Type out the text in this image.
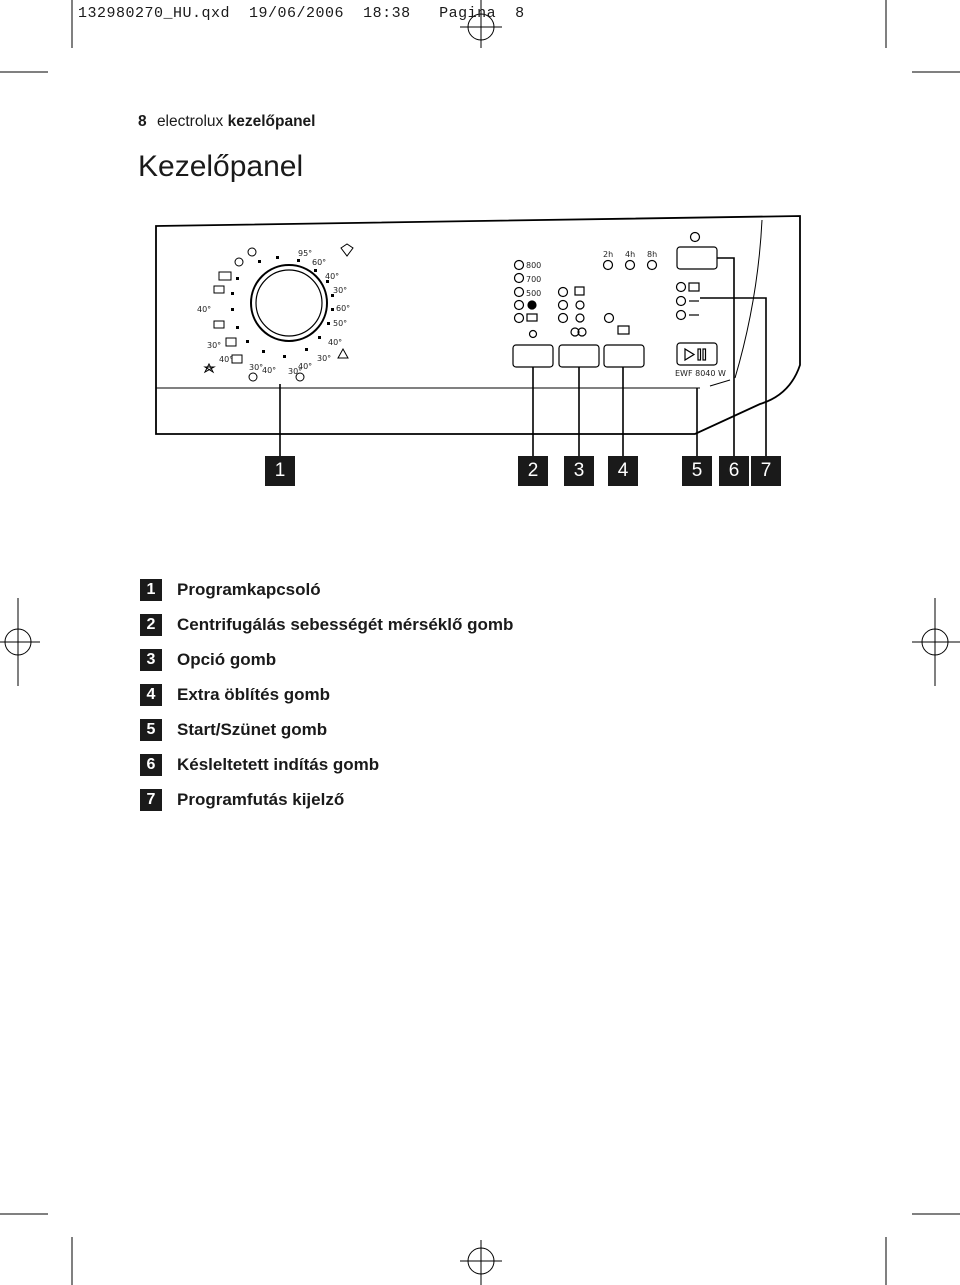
95°
60°
40°
30°
60°
50°
40°
30°
40°
30°
40°
30°
40°
40°
30°
800
700
500
2h 4h 8h
EWF 8040 W
132980270_HU.qxd 19/06/2006 18:38 Pagina 8
8 electrolux kezelőpanel
Kezelőpanel
1	2	3	4	5	6	7
1	Programkapcsoló
2	Centrifugálás sebességét mérséklő gomb
3	Opció gomb
4	Extra öblítés gomb
5	Start/Szünet gomb
6	Késleltetett indítás gomb
7	Programfutás kijelző
